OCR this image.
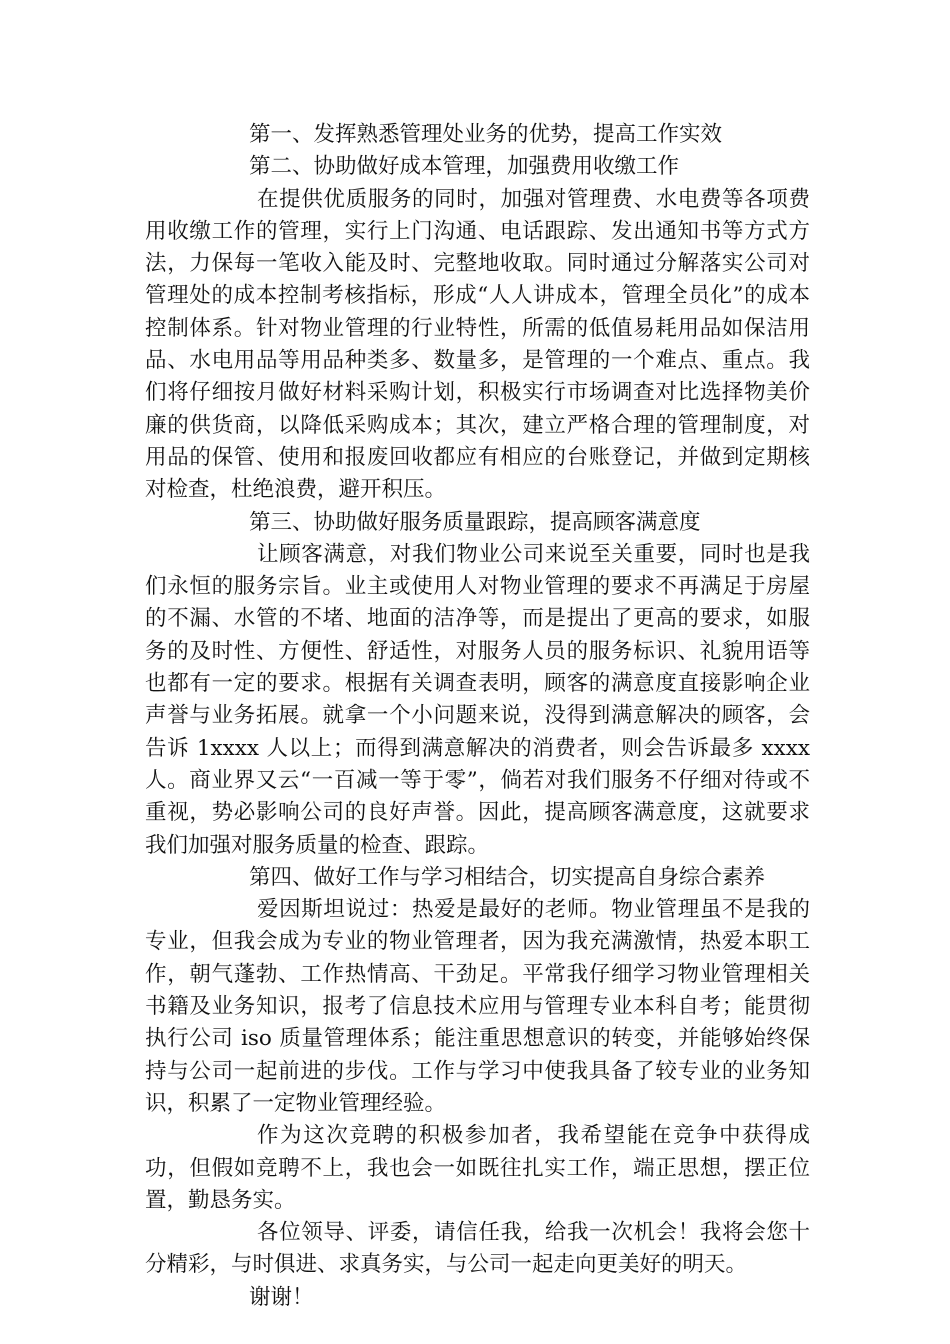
第一、发挥熟悉管理处业务的优势，提高工作实效

第二、协助做好成本管理，加强费用收缴工作

在提供优质服务的同时，加强对管理费、水电费等各项费用收缴工作的管理，实行上门沟通、电话跟踪、发出通知书等方式方法，力保每一笔收入能及时、完整地收取。同时通过分解落实公司对管理处的成本控制考核指标，形成“人人讲成本，管理全员化”的成本控制体系。针对物业管理的行业特性，所需的低值易耗用品如保洁用品、水电用品等用品种类多、数量多，是管理的一个难点、重点。我们将仔细按月做好材料采购计划，积极实行市场调查对比选择物美价廉的供货商，以降低采购成本；其次，建立严格合理的管理制度，对用品的保管、使用和报废回收都应有相应的台账登记，并做到定期核对检查，杜绝浪费，避开积压。

第三、协助做好服务质量跟踪，提高顾客满意度

让顾客满意，对我们物业公司来说至关重要，同时也是我们永恒的服务宗旨。业主或使用人对物业管理的要求不再满足于房屋的不漏、水管的不堵、地面的洁净等，而是提出了更高的要求，如服务的及时性、方便性、舒适性，对服务人员的服务标识、礼貌用语等也都有一定的要求。根据有关调查表明，顾客的满意度直接影响企业声誉与业务拓展。就拿一个小问题来说，没得到满意解决的顾客，会告诉 1xxxx 人以上；而得到满意解决的消费者，则会告诉最多 xxxx 人。商业界又云“一百减一等于零”，倘若对我们服务不仔细对待或不重视，势必影响公司的良好声誉。因此，提高顾客满意度，这就要求我们加强对服务质量的检查、跟踪。

第四、做好工作与学习相结合，切实提高自身综合素养

爱因斯坦说过：热爱是最好的老师。物业管理虽不是我的专业，但我会成为专业的物业管理者，因为我充满激情，热爱本职工作，朝气蓬勃、工作热情高、干劲足。平常我仔细学习物业管理相关书籍及业务知识，报考了信息技术应用与管理专业本科自考；能贯彻执行公司 iso 质量管理体系；能注重思想意识的转变，并能够始终保持与公司一起前进的步伐。工作与学习中使我具备了较专业的业务知识，积累了一定物业管理经验。

作为这次竞聘的积极参加者，我希望能在竞争中获得成功，但假如竞聘不上，我也会一如既往扎实工作，端正思想，摆正位置，勤恳务实。

各位领导、评委，请信任我，给我一次机会！我将会您十分精彩，与时俱进、求真务实，与公司一起走向更美好的明天。

谢谢！
